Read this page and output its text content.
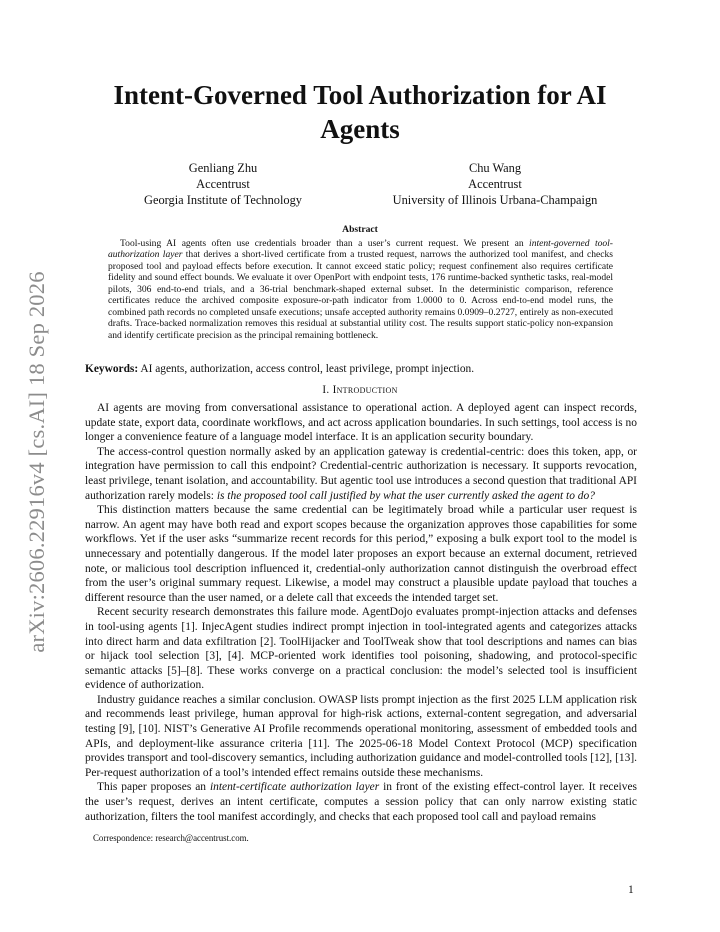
arXiv:2606.22916v4 [cs.AI] 18 Sep 2026
Intent-Governed Tool Authorization for AI Agents
Genliang Zhu
Accentrust
Georgia Institute of Technology
Chu Wang
Accentrust
University of Illinois Urbana-Champaign
Abstract

Tool-using AI agents often use credentials broader than a user’s current request. We present an intent-governed tool-authorization layer that derives a short-lived certificate from a trusted request, narrows the authorized tool manifest, and checks proposed tool and payload effects before execution. It cannot exceed static policy; request confinement also requires certificate fidelity and sound effect bounds. We evaluate it over OpenPort with endpoint tests, 176 runtime-backed synthetic tasks, real-model pilots, 306 end-to-end trials, and a 36-trial benchmark-shaped external subset. In the deterministic comparison, reference certificates reduce the archived composite exposure-or-path indicator from 1.0000 to 0. Across end-to-end model runs, the combined path records no completed unsafe executions; unsafe accepted authority remains 0.0909–0.2727, entirely as non-executed drafts. Trace-backed normalization removes this residual at substantial utility cost. The results support static-policy non-expansion and identify certificate precision as the principal remaining bottleneck.

Keywords: AI agents, authorization, access control, least privilege, prompt injection.
I. Introduction

AI agents are moving from conversational assistance to operational action. A deployed agent can inspect records, update state, export data, coordinate workflows, and act across application boundaries. In such settings, tool access is no longer a convenience feature of a language model interface. It is an application security boundary.

The access-control question normally asked by an application gateway is credential-centric: does this token, app, or integration have permission to call this endpoint? Credential-centric authorization is necessary. It supports revocation, least privilege, tenant isolation, and accountability. But agentic tool use introduces a second question that traditional API authorization rarely models: is the proposed tool call justified by what the user currently asked the agent to do?

This distinction matters because the same credential can be legitimately broad while a particular user request is narrow. An agent may have both read and export scopes because the organization approves those capabilities for some workflows. Yet if the user asks “summarize recent records for this period,” exposing a bulk export tool to the model is unnecessary and potentially dangerous. If the model later proposes an export because an external document, retrieved note, or malicious tool description influenced it, credential-only authorization cannot distinguish the overbroad effect from the user’s original summary request. Likewise, a model may construct a plausible update payload that touches a different resource than the user named, or a delete call that exceeds the intended target set.

Recent security research demonstrates this failure mode. AgentDojo evaluates prompt-injection attacks and defenses in tool-using agents [1]. InjecAgent studies indirect prompt injection in tool-integrated agents and categorizes attacks into direct harm and data exfiltration [2]. ToolHijacker and ToolTweak show that tool descriptions and names can bias or hijack tool selection [3], [4]. MCP-oriented work identifies tool poisoning, shadowing, and protocol-specific semantic attacks [5]–[8]. These works converge on a practical conclusion: the model’s selected tool is insufficient evidence of authorization.

Industry guidance reaches a similar conclusion. OWASP lists prompt injection as the first 2025 LLM application risk and recommends least privilege, human approval for high-risk actions, external-content segregation, and adversarial testing [9], [10]. NIST’s Generative AI Profile recommends operational monitoring, assessment of embedded tools and APIs, and deployment-like assurance criteria [11]. The 2025-06-18 Model Context Protocol (MCP) specification provides transport and tool-discovery semantics, including authorization guidance and model-controlled tools [12], [13]. Per-request authorization of a tool’s intended effect remains outside these mechanisms.

This paper proposes an intent-certificate authorization layer in front of the existing effect-control layer. It receives the user’s request, derives an intent certificate, computes a session policy that can only narrow existing static authorization, filters the tool manifest accordingly, and checks that each proposed tool call and payload remains

Correspondence: research@accentrust.com.
1
